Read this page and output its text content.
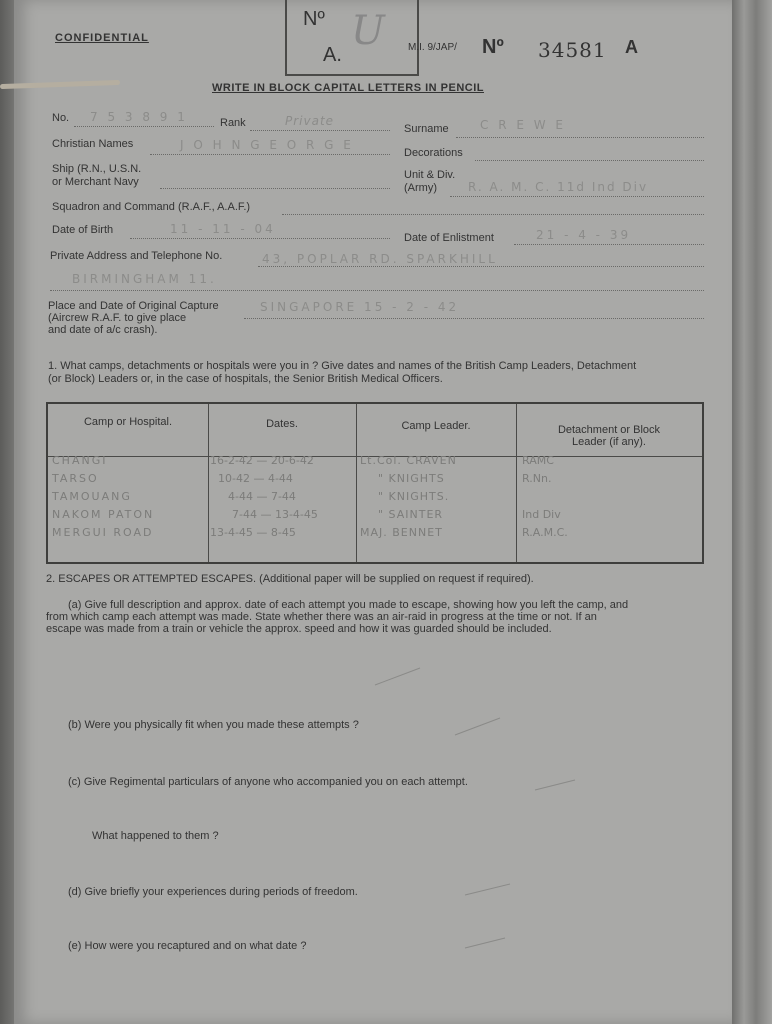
CONFIDENTIAL
Nº
A.
U M.I. 9/JAP/ Nº 34581 A
WRITE IN BLOCK CAPITAL LETTERS IN PENCIL
No. 7 5 3 8 9 1	Rank	Private
Surname	C R E W E
Christian Names	J O H N G E O R G E
Decorations
Ship (R.N., U.S.N.
or Merchant Navy
Unit & Div.
(Army)	R. A. M. C. 11d Ind Div
Squadron and Command (R.A.F., A.A.F.)
Date of Birth	11 - 11 - 04
Date of Enlistment	21 - 4 - 39
Private Address and Telephone No.	43, POPLAR RD. SPARKHILL
BIRMINGHAM 11.
Place and Date of Original Capture
(Aircrew R.A.F. to give place
and date of a/c crash).
SINGAPORE 15 - 2 - 42
1. What camps, detachments or hospitals were you in ? Give dates and names of the British Camp Leaders, Detachment
(or Block) Leaders or, in the case of hospitals, the Senior British Medical Officers.
Camp or Hospital.	Dates.	Camp Leader.	Detachment or Block
Leader (if any).
CHANGI	16-2-42 — 20-6-42	Lt.Col. CRAVEN	RAMC
TARSO	10-42 — 4-44	" KNIGHTS	R.Nn.
TAMOUANG	4-44 — 7-44	" KNIGHTS.
NAKOM PATON	7-44 — 13-4-45	" SAINTER	Ind Div
MERGUI ROAD	13-4-45 — 8-45	MAJ. BENNET	R.A.M.C.
2. ESCAPES OR ATTEMPTED ESCAPES. (Additional paper will be supplied on request if required).
(a) Give full description and approx. date of each attempt you made to escape, showing how you left the camp, and
from which camp each attempt was made. State whether there was an air-raid in progress at the time or not. If an
escape was made from a train or vehicle the approx. speed and how it was guarded should be included.
(b) Were you physically fit when you made these attempts ?
(c) Give Regimental particulars of anyone who accompanied you on each attempt.
What happened to them ?
(d) Give briefly your experiences during periods of freedom.
(e) How were you recaptured and on what date ?
